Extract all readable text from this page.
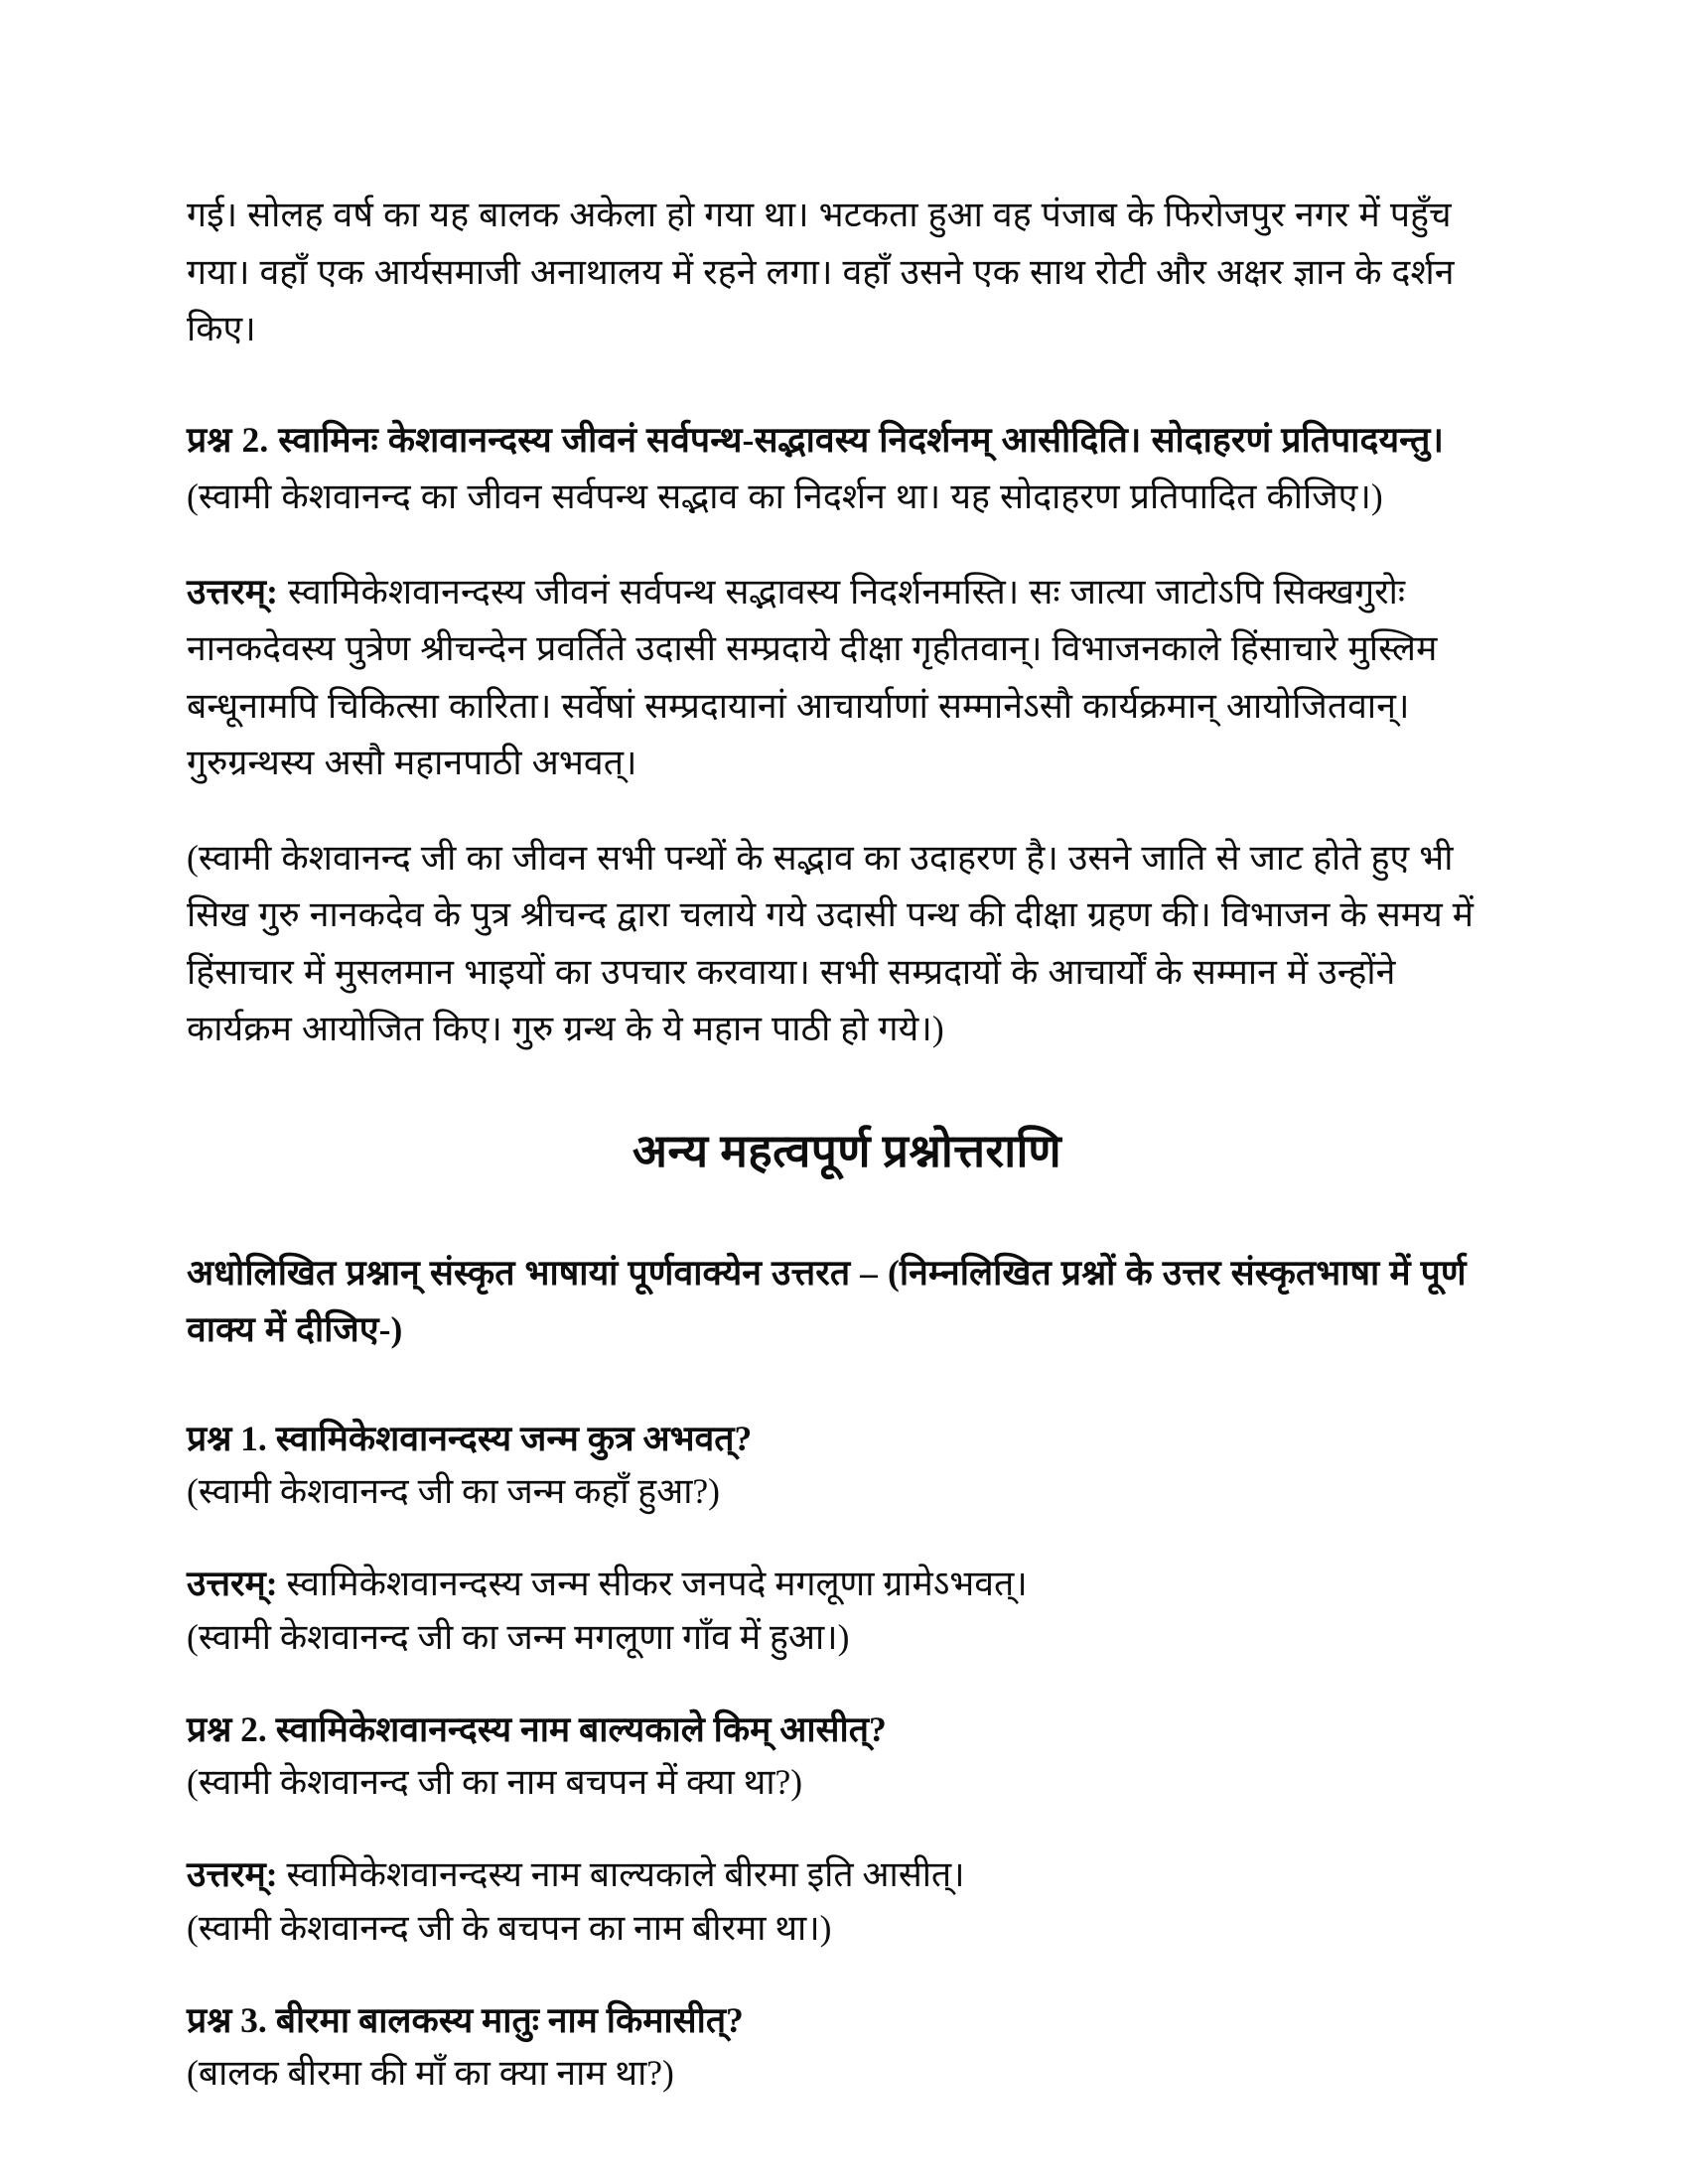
गई। सोलह वर्ष का यह बालक अकेला हो गया था। भटकता हुआ वह पंजाब के फिरोजपुर नगर में पहुँच गया। वहाँ एक आर्यसमाजी अनाथालय में रहने लगा। वहाँ उसने एक साथ रोटी और अक्षर ज्ञान के दर्शन किए।

प्रश्न 2. स्वामिनः केशवानन्दस्य जीवनं सर्वपन्थ-सद्भावस्य निदर्शनम् आसीदिति। सोदाहरणं प्रतिपादयन्तु। (स्वामी केशवानन्द का जीवन सर्वपन्थ सद्भाव का निदर्शन था। यह सोदाहरण प्रतिपादित कीजिए।)

उत्तरम्: स्वामिकेशवानन्दस्य जीवनं सर्वपन्थ सद्भावस्य निदर्शनमस्ति। सः जात्या जाटोऽपि सिक्खगुरोः नानकदेवस्य पुत्रेण श्रीचन्देन प्रवर्तिते उदासी सम्प्रदाये दीक्षा गृहीतवान्। विभाजनकाले हिंसाचारे मुस्लिम बन्धूनामपि चिकित्सा कारिता। सर्वेषां सम्प्रदायानां आचार्याणां सम्मानेऽसौ कार्यक्रमान् आयोजितवान्। गुरुग्रन्थस्य असौ महानपाठी अभवत्।

(स्वामी केशवानन्द जी का जीवन सभी पन्थों के सद्भाव का उदाहरण है। उसने जाति से जाट होते हुए भी सिख गुरु नानकदेव के पुत्र श्रीचन्द द्वारा चलाये गये उदासी पन्थ की दीक्षा ग्रहण की। विभाजन के समय में हिंसाचार में मुसलमान भाइयों का उपचार करवाया। सभी सम्प्रदायों के आचार्यों के सम्मान में उन्होंने कार्यक्रम आयोजित किए। गुरु ग्रन्थ के ये महान पाठी हो गये।)

अन्य महत्वपूर्ण प्रश्नोत्तराणि

अधोलिखित प्रश्नान् संस्कृत भाषायां पूर्णवाक्येन उत्तरत – (निम्नलिखित प्रश्नों के उत्तर संस्कृतभाषा में पूर्ण वाक्य में दीजिए-)

प्रश्न 1. स्वामिकेशवानन्दस्य जन्म कुत्र अभवत्?

(स्वामी केशवानन्द जी का जन्म कहाँ हुआ?)

उत्तरम्: स्वामिकेशवानन्दस्य जन्म सीकर जनपदे मगलूणा ग्रामेऽभवत्।

(स्वामी केशवानन्द जी का जन्म मगलूणा गाँव में हुआ।)

प्रश्न 2. स्वामिकेशवानन्दस्य नाम बाल्यकाले किम् आसीत्?

(स्वामी केशवानन्द जी का नाम बचपन में क्या था?)

उत्तरम्: स्वामिकेशवानन्दस्य नाम बाल्यकाले बीरमा इति आसीत्।

(स्वामी केशवानन्द जी के बचपन का नाम बीरमा था।)

प्रश्न 3. बीरमा बालकस्य मातुः नाम किमासीत्?

(बालक बीरमा की माँ का क्या नाम था?)
